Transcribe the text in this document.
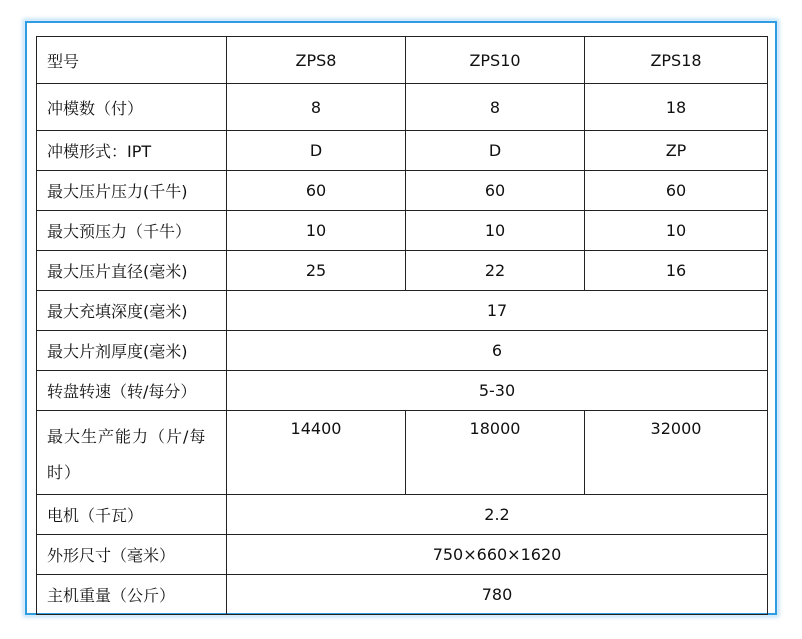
型号	ZPS8	ZPS10	ZPS18
冲模数（付）	8	8	18
冲模形式：IPT	D	D	ZP
最大压片压力(千牛)	60	60	60
最大预压力（千牛）	10	10	10
最大压片直径(毫米)	25	22	16
最大充填深度(毫米)	17		
最大片剂厚度(毫米)	6		
转盘转速（转/每分）	5-30		
最大生产能力（片/每时）	14400	18000	32000
电机（千瓦）	2.2		
外形尺寸（毫米）	750×660×1620		
主机重量（公斤）	780		
